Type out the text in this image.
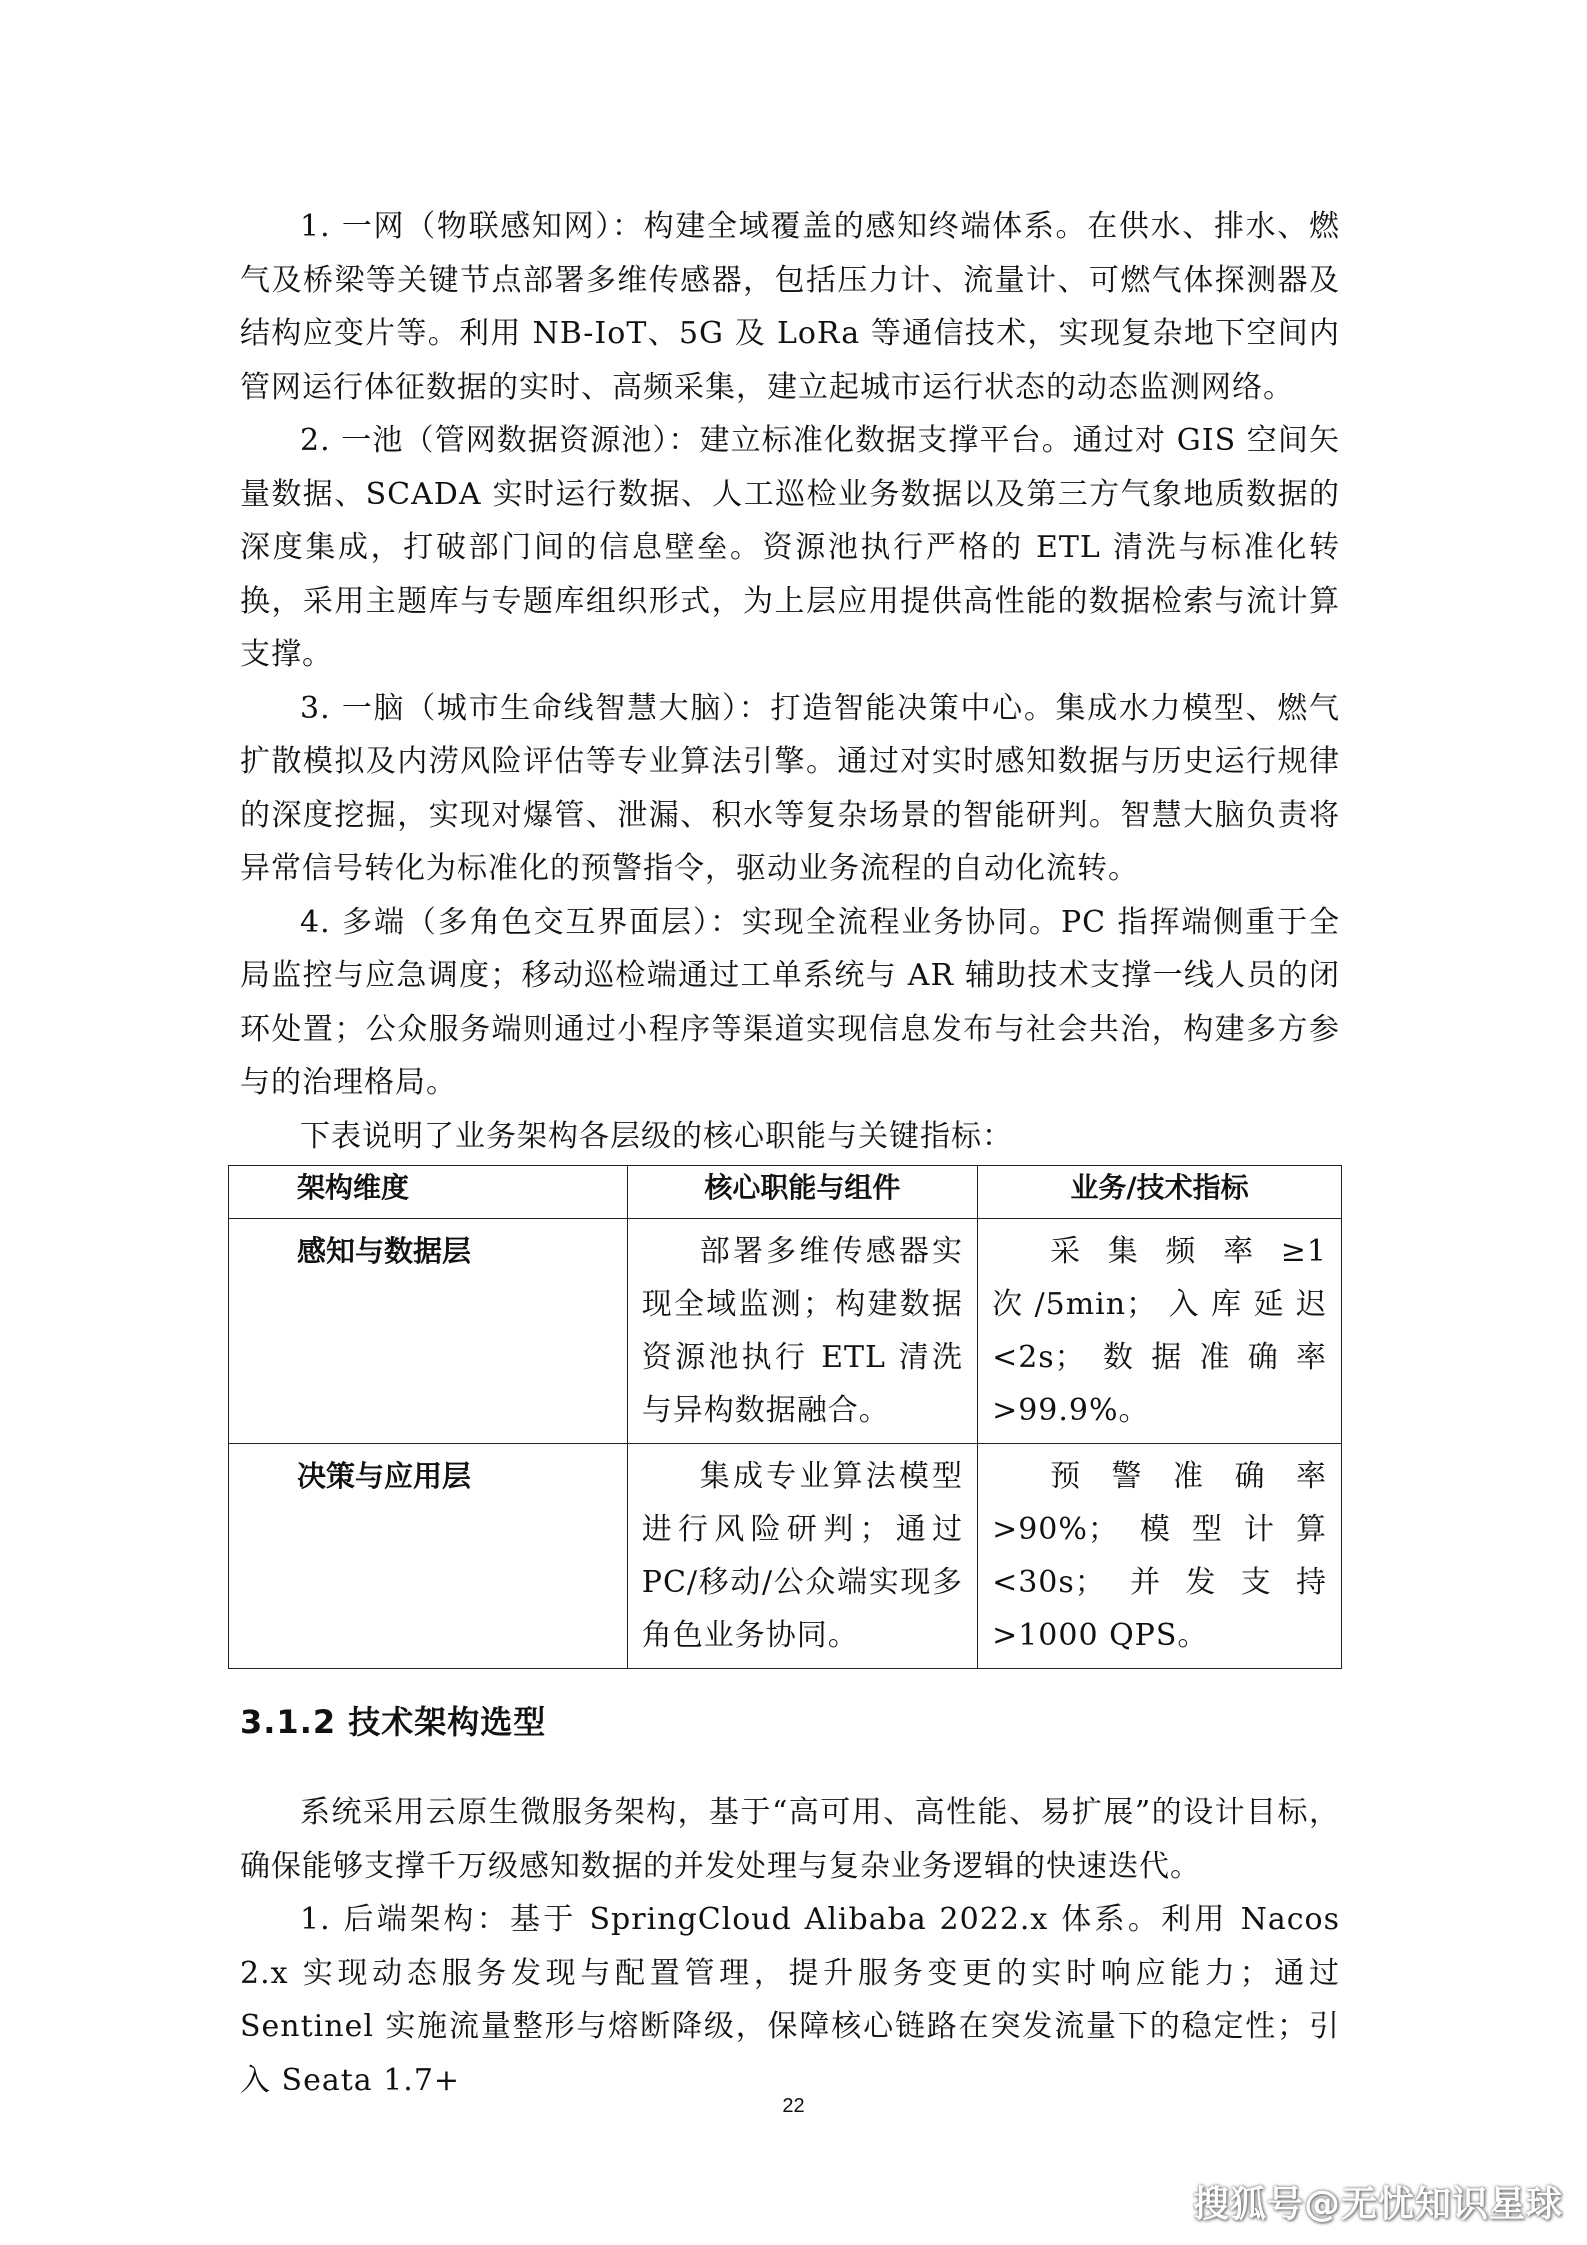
1. 一网（物联感知网）：构建全域覆盖的感知终端体系。在供水、排水、燃气及桥梁等关键节点部署多维传感器，包括压力计、流量计、可燃气体探测器及结构应变片等。利用 NB-IoT、5G 及 LoRa 等通信技术，实现复杂地下空间内管网运行体征数据的实时、高频采集，建立起城市运行状态的动态监测网络。

2. 一池（管网数据资源池）：建立标准化数据支撑平台。通过对 GIS 空间矢量数据、SCADA 实时运行数据、人工巡检业务数据以及第三方气象地质数据的深度集成，打破部门间的信息壁垒。资源池执行严格的 ETL 清洗与标准化转换，采用主题库与专题库组织形式，为上层应用提供高性能的数据检索与流计算支撑。

3. 一脑（城市生命线智慧大脑）：打造智能决策中心。集成水力模型、燃气扩散模拟及内涝风险评估等专业算法引擎。通过对实时感知数据与历史运行规律的深度挖掘，实现对爆管、泄漏、积水等复杂场景的智能研判。智慧大脑负责将异常信号转化为标准化的预警指令，驱动业务流程的自动化流转。

4. 多端（多角色交互界面层）：实现全流程业务协同。PC 指挥端侧重于全局监控与应急调度；移动巡检端通过工单系统与 AR 辅助技术支撑一线人员的闭环处置；公众服务端则通过小程序等渠道实现信息发布与社会共治，构建多方参与的治理格局。

下表说明了业务架构各层级的核心职能与关键指标：

架构维度	核心职能与组件	业务/技术指标
感知与数据层	部署多维传感器实现全域监测；构建数据资源池执行 ETL 清洗与异构数据融合。	采集频率≥1 次/5min；入库延迟<2s；数据准确率>99.9%。
决策与应用层	集成专业算法模型进行风险研判；通过 PC/移动/公众端实现多角色业务协同。	预警准确率>90%；模型计算<30s；并发支持>1000 QPS。
3.1.2 技术架构选型

系统采用云原生微服务架构，基于“高可用、高性能、易扩展”的设计目标，确保能够支撑千万级感知数据的并发处理与复杂业务逻辑的快速迭代。

1. 后端架构：基于 SpringCloud Alibaba 2022.x 体系。利用 Nacos 2.x 实现动态服务发现与配置管理，提升服务变更的实时响应能力；通过 Sentinel 实施流量整形与熔断降级，保障核心链路在突发流量下的稳定性；引入 Seata 1.7+

22
搜狐号@无忧知识星球
